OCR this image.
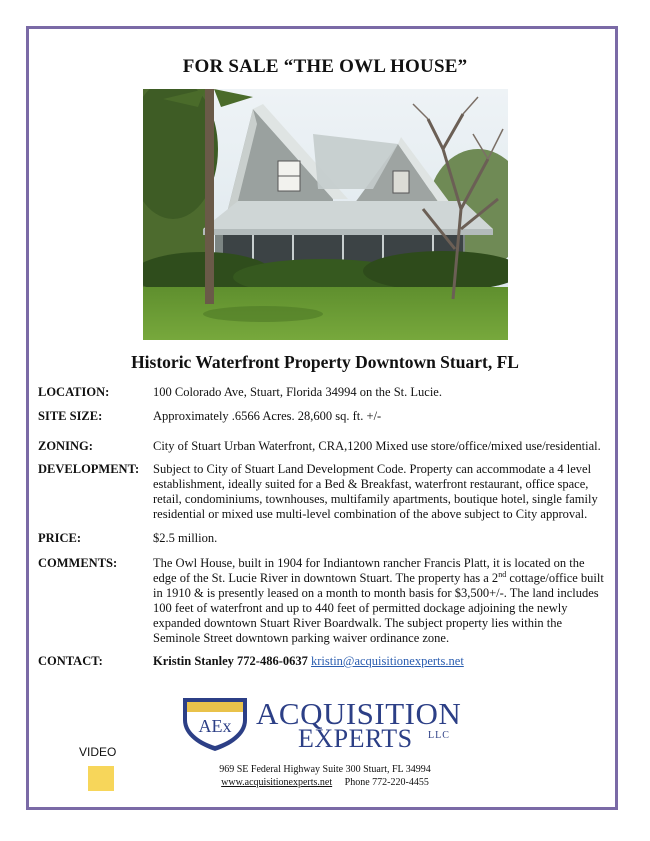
FOR SALE “THE OWL HOUSE”
Historic Waterfront Property Downtown Stuart, FL
LOCATION:	100 Colorado Ave, Stuart, Florida 34994 on the St. Lucie.
SITE SIZE:	Approximately .6566 Acres. 28,600 sq. ft. +/-
ZONING:	City of Stuart Urban Waterfront, CRA,1200 Mixed use store/office/mixed use/residential.
DEVELOPMENT:	Subject to City of Stuart Land Development Code. Property can accommodate a 4 level establishment, ideally suited for a Bed & Breakfast, waterfront restaurant, office space, retail, condominiums, townhouses, multifamily apartments, boutique hotel, single family residential or mixed use multi-level combination of the above subject to City approval.
PRICE:	$2.5 million.
COMMENTS:	The Owl House, built in 1904 for Indiantown rancher Francis Platt, it is located on the edge of the St. Lucie River in downtown Stuart. The property has a 2nd cottage/office built in 1910 & is presently leased on a month to month basis for $3,500+/-. The land includes 100 feet of waterfront and up to 440 feet of permitted dockage adjoining the newly expanded downtown Stuart River Boardwalk. The subject property lies within the Seminole Street downtown parking waiver ordinance zone.
CONTACT:	Kristin Stanley 772-486-0637 kristin@acquisitionexperts.net
AEx ACQUISITION
EXPERTS LLC
VIDEO
969 SE Federal Highway Suite 300 Stuart, FL 34994
www.acquisitionexperts.net Phone 772-220-4455
